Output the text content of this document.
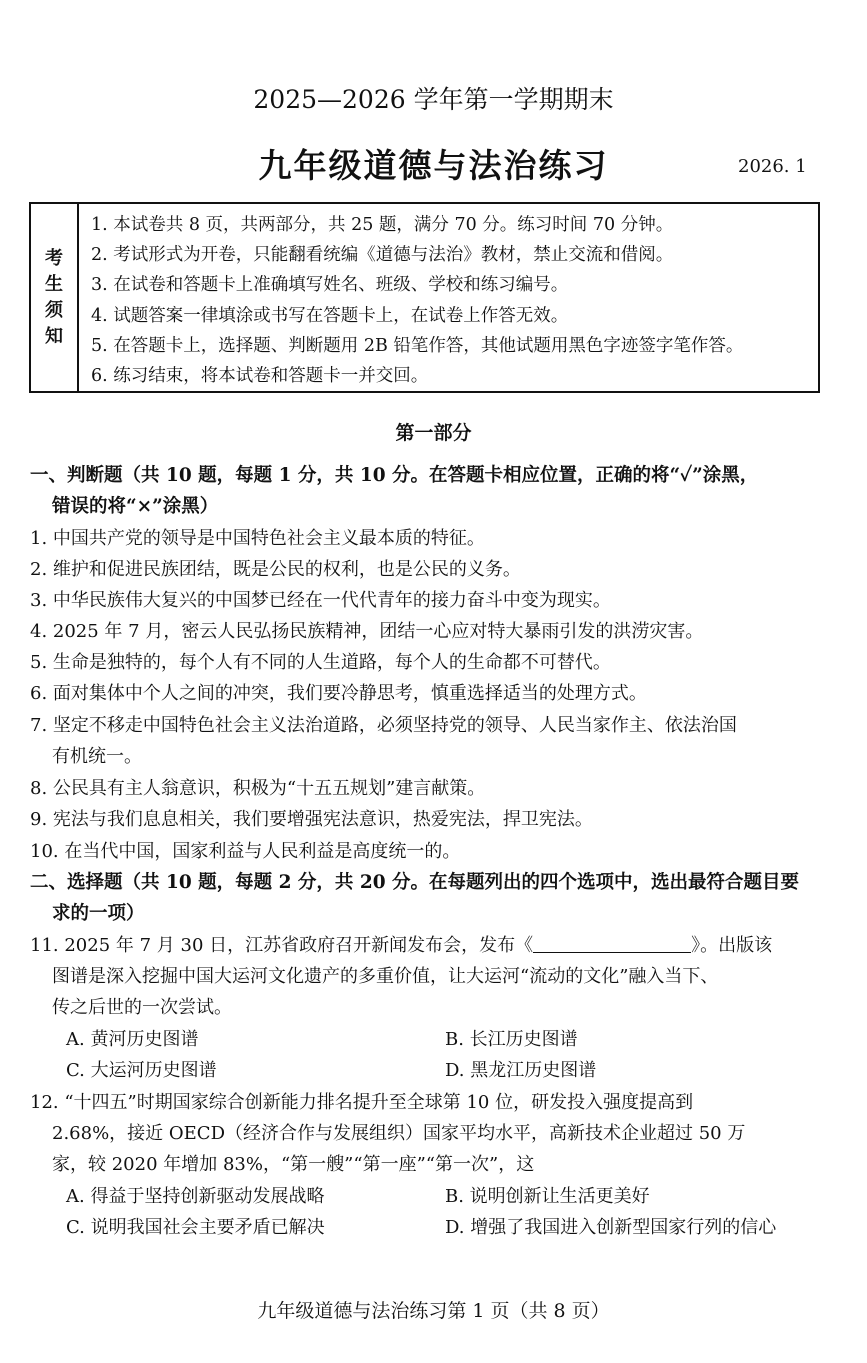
2025—2026 学年第一学期期末
九年级道德与法治练习	2026. 1
考
生
须
知
1. 本试卷共 8 页，共两部分，共 25 题，满分 70 分。练习时间 70 分钟。
2. 考试形式为开卷，只能翻看统编《道德与法治》教材，禁止交流和借阅。
3. 在试卷和答题卡上准确填写姓名、班级、学校和练习编号。
4. 试题答案一律填涂或书写在答题卡上，在试卷上作答无效。
5. 在答题卡上，选择题、判断题用 2B 铅笔作答，其他试题用黑色字迹签字笔作答。
6. 练习结束，将本试卷和答题卡一并交回。
第一部分
一、判断题（共 10 题，每题 1 分，共 10 分。在答题卡相应位置，正确的将“✓”涂黑，
错误的将“×”涂黑）
1. 中国共产党的领导是中国特色社会主义最本质的特征。
2. 维护和促进民族团结，既是公民的权利，也是公民的义务。
3. 中华民族伟大复兴的中国梦已经在一代代青年的接力奋斗中变为现实。
4. 2025 年 7 月，密云人民弘扬民族精神，团结一心应对特大暴雨引发的洪涝灾害。
5. 生命是独特的，每个人有不同的人生道路，每个人的生命都不可替代。
6. 面对集体中个人之间的冲突，我们要冷静思考，慎重选择适当的处理方式。
7. 坚定不移走中国特色社会主义法治道路，必须坚持党的领导、人民当家作主、依法治国
有机统一。
8. 公民具有主人翁意识，积极为“十五五规划”建言献策。
9. 宪法与我们息息相关，我们要增强宪法意识，热爱宪法，捍卫宪法。
10. 在当代中国，国家利益与人民利益是高度统一的。
二、选择题（共 10 题，每题 2 分，共 20 分。在每题列出的四个选项中，选出最符合题目要
求的一项）
11. 2025 年 7 月 30 日，江苏省政府召开新闻发布会，发布《	》。出版该
图谱是深入挖掘中国大运河文化遗产的多重价值，让大运河“流动的文化”融入当下、
传之后世的一次尝试。
A. 黄河历史图谱	B. 长江历史图谱
C. 大运河历史图谱	D. 黑龙江历史图谱
12. “十四五”时期国家综合创新能力排名提升至全球第 10 位，研发投入强度提高到
2.68%，接近 OECD（经济合作与发展组织）国家平均水平，高新技术企业超过 50 万
家，较 2020 年增加 83%，“第一艘”“第一座”“第一次”，这
A. 得益于坚持创新驱动发展战略	B. 说明创新让生活更美好
C. 说明我国社会主要矛盾已解决	D. 增强了我国进入创新型国家行列的信心
九年级道德与法治练习第 1 页（共 8 页）
